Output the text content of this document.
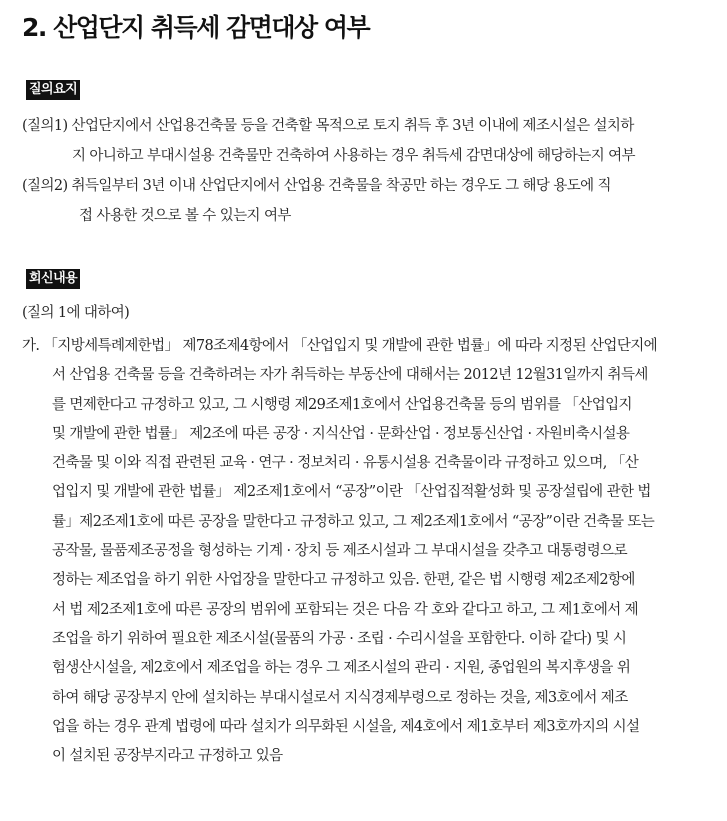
2. 산업단지 취득세 감면대상 여부
질의요지
(질의1) 산업단지에서 산업용건축물 등을 건축할 목적으로 토지 취득 후 3년 이내에 제조시설은 설치하
지 아니하고 부대시설용 건축물만 건축하여 사용하는 경우 취득세 감면대상에 해당하는지 여부
(질의2) 취득일부터 3년 이내 산업단지에서 산업용 건축물을 착공만 하는 경우도 그 해당 용도에 직
접 사용한 것으로 볼 수 있는지 여부
회신내용
(질의 1에 대하여)
가. 「지방세특례제한법」 제78조제4항에서 「산업입지 및 개발에 관한 법률」에 따라 지정된 산업단지에
서 산업용 건축물 등을 건축하려는 자가 취득하는 부동산에 대해서는 2012년 12월31일까지 취득세
를 면제한다고 규정하고 있고, 그 시행령 제29조제1호에서 산업용건축물 등의 범위를 「산업입지
및 개발에 관한 법률」 제2조에 따른 공장 · 지식산업 · 문화산업 · 정보통신산업 · 자원비축시설용
건축물 및 이와 직접 관련된 교육 · 연구 · 정보처리 · 유통시설용 건축물이라 규정하고 있으며, 「산
업입지 및 개발에 관한 법률」 제2조제1호에서 “공장”이란 「산업집적활성화 및 공장설립에 관한 법
률」제2조제1호에 따른 공장을 말한다고 규정하고 있고, 그 제2조제1호에서 “공장”이란 건축물 또는
공작물, 물품제조공정을 형성하는 기계 · 장치 등 제조시설과 그 부대시설을 갖추고 대통령령으로
정하는 제조업을 하기 위한 사업장을 말한다고 규정하고 있음. 한편, 같은 법 시행령 제2조제2항에
서 법 제2조제1호에 따른 공장의 범위에 포함되는 것은 다음 각 호와 같다고 하고, 그 제1호에서 제
조업을 하기 위하여 필요한 제조시설(물품의 가공 · 조립 · 수리시설을 포함한다. 이하 같다) 및 시
험생산시설을, 제2호에서 제조업을 하는 경우 그 제조시설의 관리 · 지원, 종업원의 복지후생을 위
하여 해당 공장부지 안에 설치하는 부대시설로서 지식경제부령으로 정하는 것을, 제3호에서 제조
업을 하는 경우 관계 법령에 따라 설치가 의무화된 시설을, 제4호에서 제1호부터 제3호까지의 시설
이 설치된 공장부지라고 규정하고 있음
